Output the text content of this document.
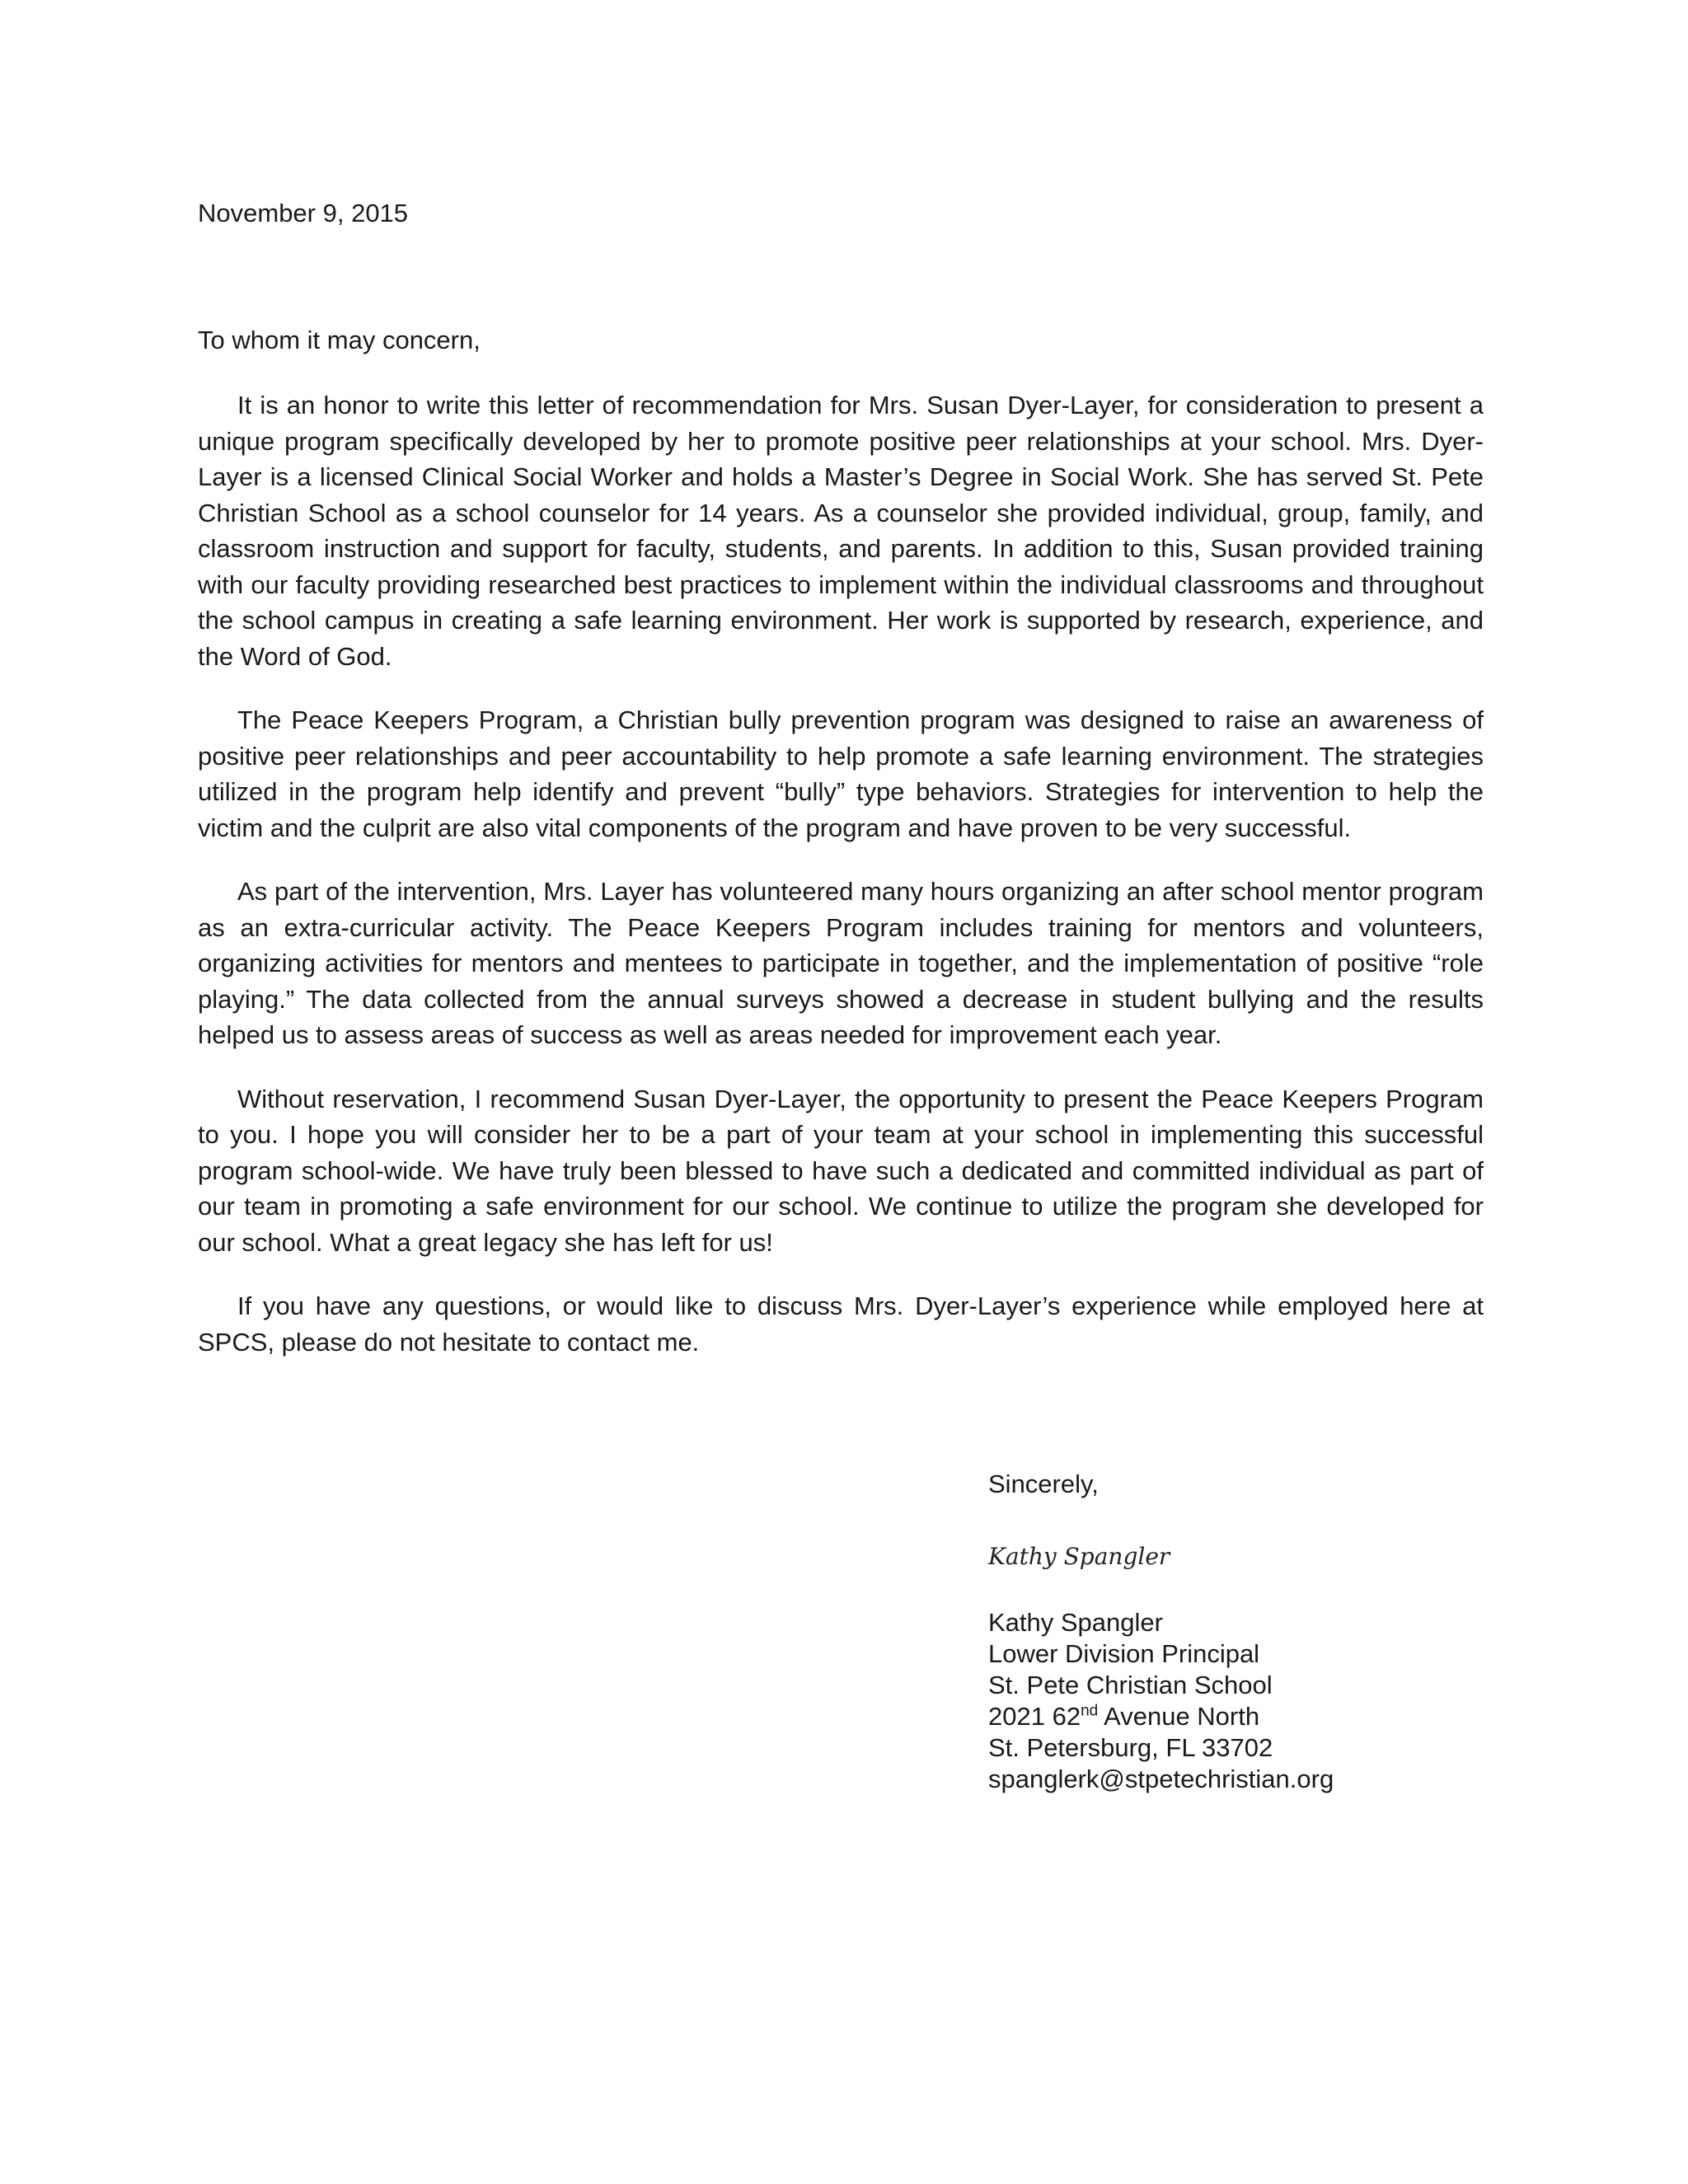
November 9, 2015
To whom it may concern,

It is an honor to write this letter of recommendation for Mrs. Susan Dyer-Layer, for consideration to present a unique program specifically developed by her to promote positive peer relationships at your school. Mrs. Dyer-Layer is a licensed Clinical Social Worker and holds a Master’s Degree in Social Work. She has served St. Pete Christian School as a school counselor for 14 years. As a counselor she provided individual, group, family, and classroom instruction and support for faculty, students, and parents. In addition to this, Susan provided training with our faculty providing researched best practices to implement within the individual classrooms and throughout the school campus in creating a safe learning environment. Her work is supported by research, experience, and the Word of God.

The Peace Keepers Program, a Christian bully prevention program was designed to raise an awareness of positive peer relationships and peer accountability to help promote a safe learning environment. The strategies utilized in the program help identify and prevent “bully” type behaviors. Strategies for intervention to help the victim and the culprit are also vital components of the program and have proven to be very successful.

As part of the intervention, Mrs. Layer has volunteered many hours organizing an after school mentor program as an extra-curricular activity. The Peace Keepers Program includes training for mentors and volunteers, organizing activities for mentors and mentees to participate in together, and the implementation of positive “role playing.” The data collected from the annual surveys showed a decrease in student bullying and the results helped us to assess areas of success as well as areas needed for improvement each year.

Without reservation, I recommend Susan Dyer-Layer, the opportunity to present the Peace Keepers Program to you. I hope you will consider her to be a part of your team at your school in implementing this successful program school-wide. We have truly been blessed to have such a dedicated and committed individual as part of our team in promoting a safe environment for our school. We continue to utilize the program she developed for our school. What a great legacy she has left for us!

If you have any questions, or would like to discuss Mrs. Dyer-Layer’s experience while employed here at SPCS, please do not hesitate to contact me.

Sincerely,
Kathy Spangler
Kathy Spangler
Lower Division Principal
St. Pete Christian School
2021 62nd Avenue North
St. Petersburg, FL 33702
spanglerk@stpetechristian.org
